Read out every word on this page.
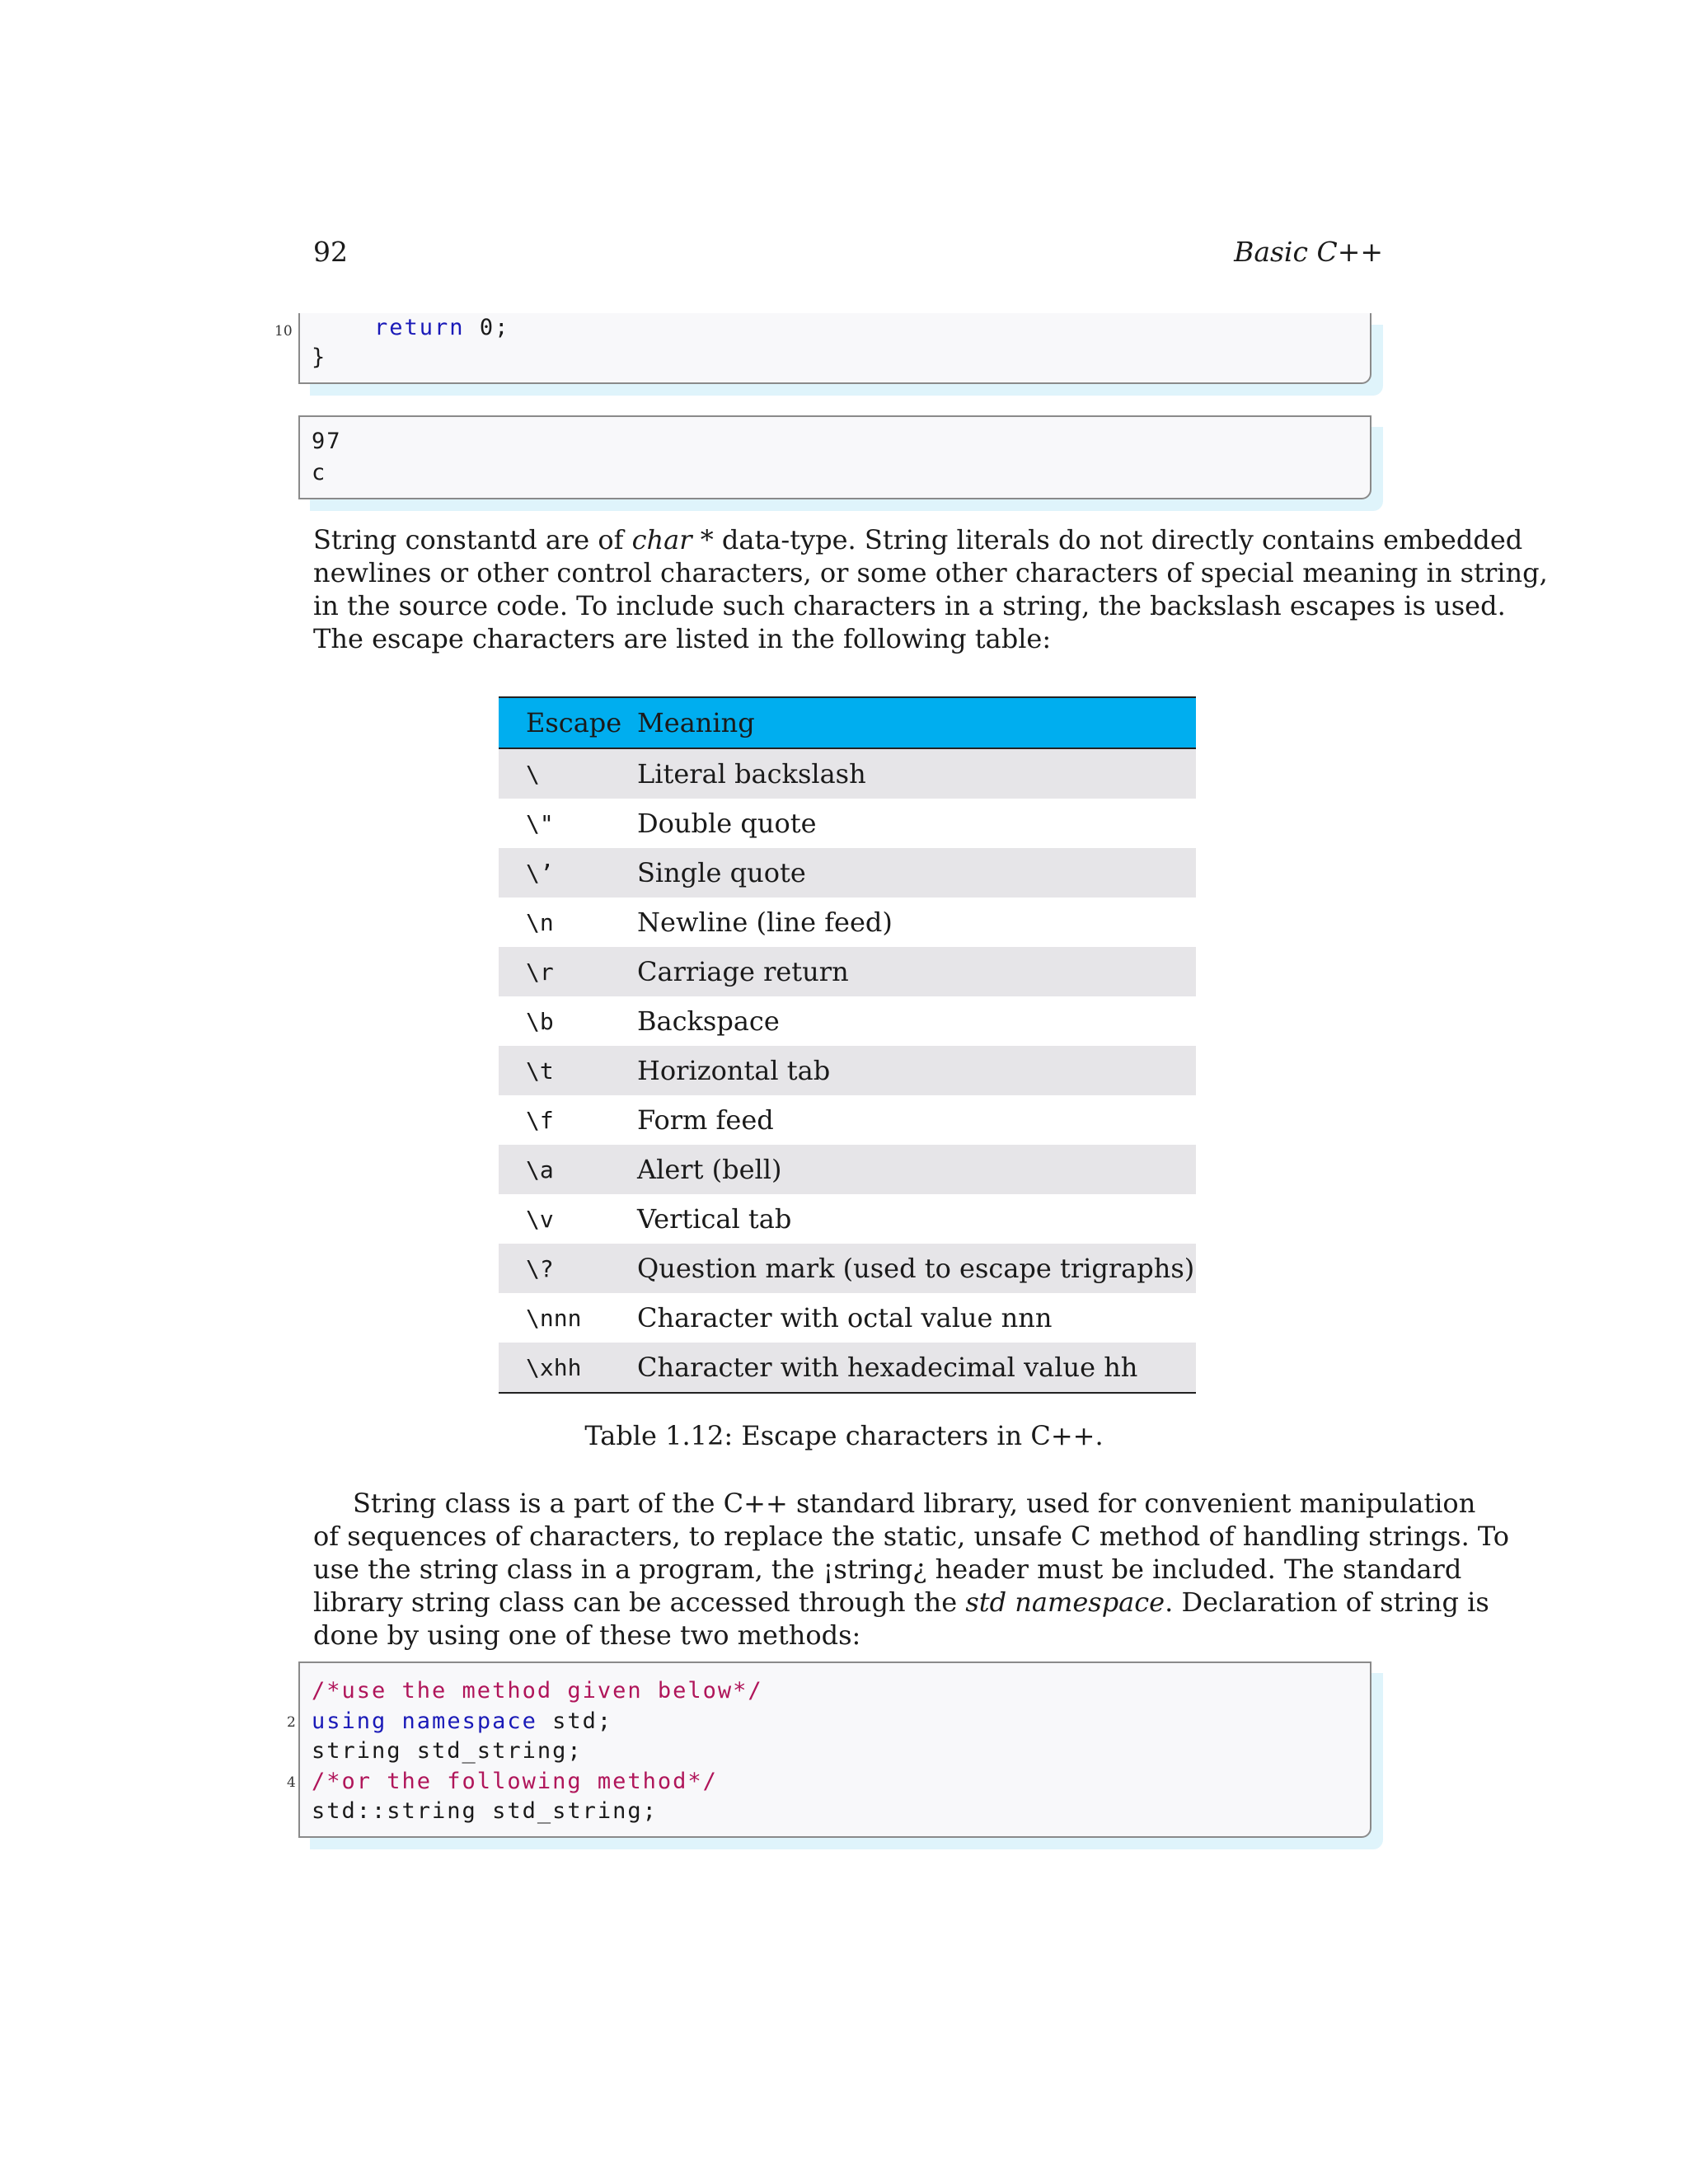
92	Basic C++
return 0;
}
10
97
c
String constantd are of char * data-type. String literals do not directly contains embedded
newlines or other control characters, or some other characters of special meaning in string,
in the source code. To include such characters in a string, the backslash escapes is used.
The escape characters are listed in the following table:
Escape	Meaning
\	Literal backslash
\"	Double quote
\’	Single quote
\n	Newline (line feed)
\r	Carriage return
\b	Backspace
\t	Horizontal tab
\f	Form feed
\a	Alert (bell)
\v	Vertical tab
\?	Question mark (used to escape trigraphs)
\nnn	Character with octal value nnn
\xhh	Character with hexadecimal value hh
Table 1.12: Escape characters in C++.
String class is a part of the C++ standard library, used for convenient manipulation
of sequences of characters, to replace the static, unsafe C method of handling strings. To
use the string class in a program, the ¡string¿ header must be included. The standard
library string class can be accessed through the std namespace. Declaration of string is
done by using one of these two methods:
/*use the method given below*/
using namespace std;
string std_string;
/*or the following method*/
std::string std_string;
2
4
